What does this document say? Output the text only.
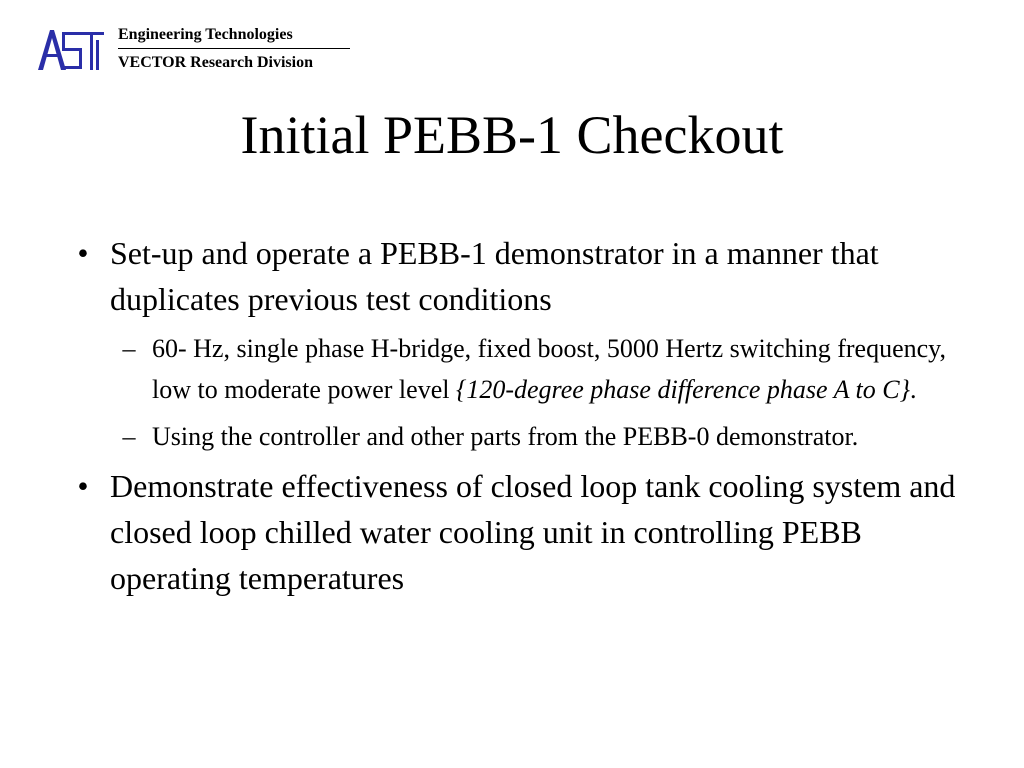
Engineering Technologies
VECTOR Research Division
Initial PEBB-1 Checkout
• Set-up and operate a PEBB-1 demonstrator in a manner that duplicates previous test conditions
– 60- Hz, single phase H-bridge, fixed boost, 5000 Hertz switching frequency, low to moderate power level {120-degree phase difference phase A to C}.
– Using the controller and other parts from the PEBB-0 demonstrator.
• Demonstrate effectiveness of closed loop tank cooling system and closed loop chilled water cooling unit in controlling PEBB operating temperatures
